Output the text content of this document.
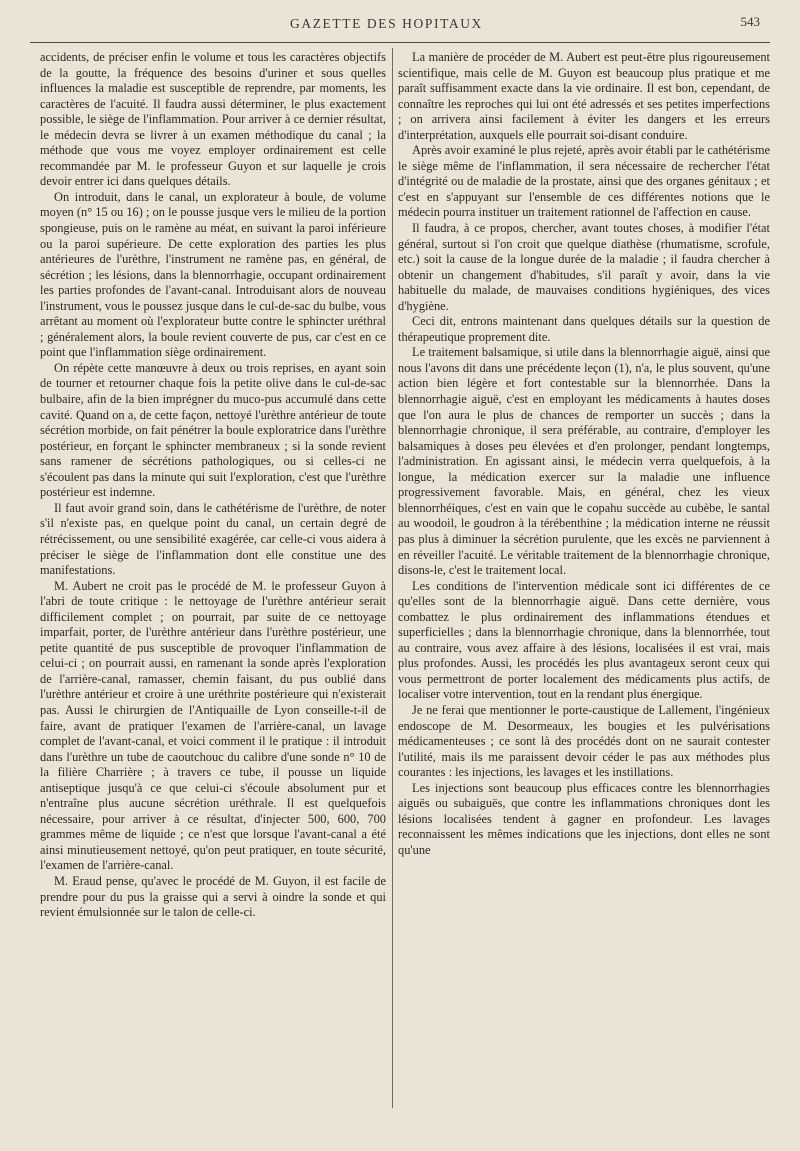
GAZETTE DES HOPITAUX	543

accidents, de préciser enfin le volume et tous les caractères objectifs de la goutte, la fréquence des besoins d'uriner et sous quelles influences la maladie est susceptible de reprendre, par moments, les caractères de l'acuité. Il faudra aussi déterminer, le plus exactement possible, le siège de l'inflammation. Pour arriver à ce dernier résultat, le médecin devra se livrer à un examen méthodique du canal ; la méthode que vous me voyez employer ordinairement est celle recommandée par M. le professeur Guyon et sur laquelle je crois devoir entrer ici dans quelques détails.

On introduit, dans le canal, un explorateur à boule, de volume moyen (n° 15 ou 16) ; on le pousse jusque vers le milieu de la portion spongieuse, puis on le ramène au méat, en suivant la paroi inférieure ou la paroi supérieure. De cette exploration des parties les plus antérieures de l'urèthre, l'instrument ne ramène pas, en général, de sécrétion ; les lésions, dans la blennorrhagie, occupant ordinairement les parties profondes de l'avant-canal. Introduisant alors de nouveau l'instrument, vous le poussez jusque dans le cul-de-sac du bulbe, vous arrêtant au moment où l'explorateur butte contre le sphincter uréthral ; généralement alors, la boule revient couverte de pus, car c'est en ce point que l'inflammation siège ordinairement.

On répète cette manœuvre à deux ou trois reprises, en ayant soin de tourner et retourner chaque fois la petite olive dans le cul-de-sac bulbaire, afin de la bien imprégner du muco-pus accumulé dans cette cavité. Quand on a, de cette façon, nettoyé l'urèthre antérieur de toute sécrétion morbide, on fait pénétrer la boule exploratrice dans l'urèthre postérieur, en forçant le sphincter membraneux ; si la sonde revient sans ramener de sécrétions pathologiques, ou si celles-ci ne s'écoulent pas dans la minute qui suit l'exploration, c'est que l'urèthre postérieur est indemne.

Il faut avoir grand soin, dans le cathétérisme de l'urèthre, de noter s'il n'existe pas, en quelque point du canal, un certain degré de rétrécissement, ou une sensibilité exagérée, car celle-ci vous aidera à préciser le siège de l'inflammation dont elle constitue une des manifestations.

M. Aubert ne croit pas le procédé de M. le professeur Guyon à l'abri de toute critique : le nettoyage de l'urèthre antérieur serait difficilement complet ; on pourrait, par suite de ce nettoyage imparfait, porter, de l'urèthre antérieur dans l'urèthre postérieur, une petite quantité de pus susceptible de provoquer l'inflammation de celui-ci ; on pourrait aussi, en ramenant la sonde après l'exploration de l'arrière-canal, ramasser, chemin faisant, du pus oublié dans l'urèthre antérieur et croire à une uréthrite postérieure qui n'existerait pas. Aussi le chirurgien de l'Antiquaille de Lyon conseille-t-il de faire, avant de pratiquer l'examen de l'arrière-canal, un lavage complet de l'avant-canal, et voici comment il le pratique : il introduit dans l'urèthre un tube de caoutchouc du calibre d'une sonde n° 10 de la filière Charrière ; à travers ce tube, il pousse un liquide antiseptique jusqu'à ce que celui-ci s'écoule absolument pur et n'entraîne plus aucune sécrétion uréthrale. Il est quelquefois nécessaire, pour arriver à ce résultat, d'injecter 500, 600, 700 grammes même de liquide ; ce n'est que lorsque l'avant-canal a été ainsi minutieusement nettoyé, qu'on peut pratiquer, en toute sécurité, l'examen de l'arrière-canal.

M. Eraud pense, qu'avec le procédé de M. Guyon, il est facile de prendre pour du pus la graisse qui a servi à oindre la sonde et qui revient émulsionnée sur le talon de celle-ci.

La manière de procéder de M. Aubert est peut-être plus rigoureusement scientifique, mais celle de M. Guyon est beaucoup plus pratique et me paraît suffisamment exacte dans la vie ordinaire. Il est bon, cependant, de connaître les reproches qui lui ont été adressés et ses petites imperfections ; on arrivera ainsi facilement à éviter les dangers et les erreurs d'interprétation, auxquels elle pourrait soi-disant conduire.

Après avoir examiné le plus rejeté, après avoir établi par le cathétérisme le siège même de l'inflammation, il sera nécessaire de rechercher l'état d'intégrité ou de maladie de la prostate, ainsi que des organes génitaux ; et c'est en s'appuyant sur l'ensemble de ces différentes notions que le médecin pourra instituer un traitement rationnel de l'affection en cause.

Il faudra, à ce propos, chercher, avant toutes choses, à modifier l'état général, surtout si l'on croit que quelque diathèse (rhumatisme, scrofule, etc.) soit la cause de la longue durée de la maladie ; il faudra chercher à obtenir un changement d'habitudes, s'il paraît y avoir, dans la vie habituelle du malade, de mauvaises conditions hygiéniques, des vices d'hygiène.

Ceci dit, entrons maintenant dans quelques détails sur la question de thérapeutique proprement dite.

Le traitement balsamique, si utile dans la blennorrhagie aiguë, ainsi que nous l'avons dit dans une précédente leçon (1), n'a, le plus souvent, qu'une action bien légère et fort contestable sur la blennorrhée. Dans la blennorrhagie aiguë, c'est en employant les médicaments à hautes doses que l'on aura le plus de chances de remporter un succès ; dans la blennorrhagie chronique, il sera préférable, au contraire, d'employer les balsamiques à doses peu élevées et d'en prolonger, pendant longtemps, l'administration. En agissant ainsi, le médecin verra quelquefois, à la longue, la médication exercer sur la maladie une influence progressivement favorable. Mais, en général, chez les vieux blennorrhéiques, c'est en vain que le copahu succède au cubèbe, le santal au woodoil, le goudron à la térébenthine ; la médication interne ne réussit pas plus à diminuer la sécrétion purulente, que les excès ne parviennent à en réveiller l'acuité. Le véritable traitement de la blennorrhagie chronique, disons-le, c'est le traitement local.

Les conditions de l'intervention médicale sont ici différentes de ce qu'elles sont de la blennorrhagie aiguë. Dans cette dernière, vous combattez le plus ordinairement des inflammations étendues et superficielles ; dans la blennorrhagie chronique, dans la blennorrhée, tout au contraire, vous avez affaire à des lésions, localisées il est vrai, mais plus profondes. Aussi, les procédés les plus avantageux seront ceux qui vous permettront de porter localement des médicaments plus actifs, de localiser votre intervention, tout en la rendant plus énergique.

Je ne ferai que mentionner le porte-caustique de Lallement, l'ingénieux endoscope de M. Desormeaux, les bougies et les pulvérisations médicamenteuses ; ce sont là des procédés dont on ne saurait contester l'utilité, mais ils me paraissent devoir céder le pas aux méthodes plus courantes : les injections, les lavages et les instillations.

Les injections sont beaucoup plus efficaces contre les blennorrhagies aiguës ou subaiguës, que contre les inflammations chroniques dont les lésions localisées tendent à gagner en profondeur. Les lavages reconnaissent les mêmes indications que les injections, dont elles ne sont qu'une
